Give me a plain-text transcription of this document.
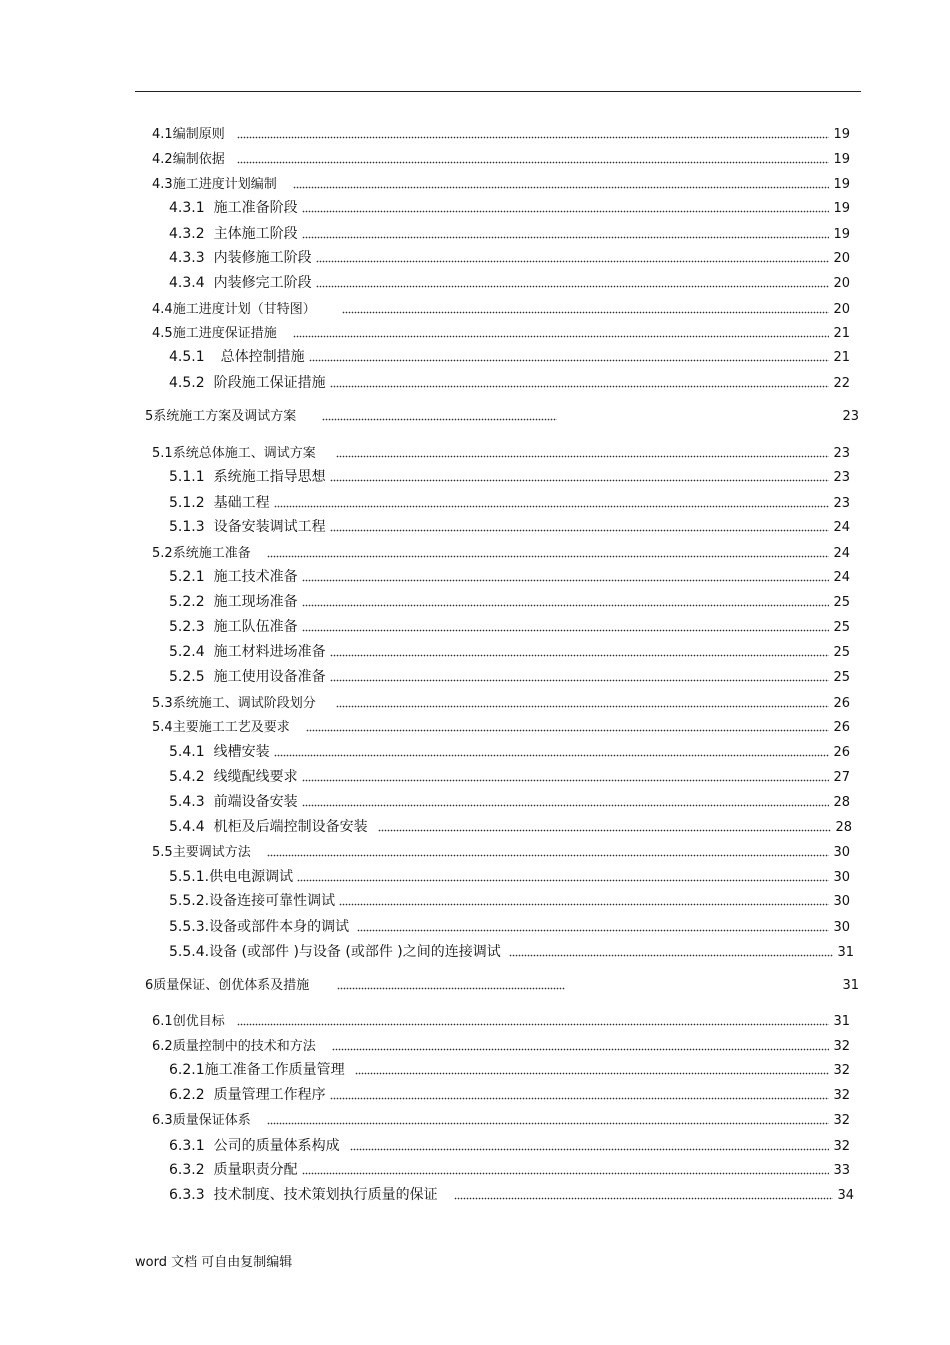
4.1 编制原则	19
4.2 编制依据	19
4.3 施工进度计划编制	19
4.3.1 施工准备阶段	19
4.3.2 主体施工阶段	19
4.3.3 内装修施工阶段	20
4.3.4 内装修完工阶段	20
4.4 施工进度计划（甘特图）	20
4.5 施工进度保证措施	21
4.5.1 总体控制措施	21
4.5.2 阶段施工保证措施	22
5 系统施工方案及调试方案	23
5.1 系统总体施工、调试方案	23
5.1.1 系统施工指导思想	23
5.1.2 基础工程	23
5.1.3 设备安装调试工程	24
5.2 系统施工准备	24
5.2.1 施工技术准备	24
5.2.2 施工现场准备	25
5.2.3 施工队伍准备	25
5.2.4 施工材料进场准备	25
5.2.5 施工使用设备准备	25
5.3 系统施工、调试阶段划分	26
5.4 主要施工工艺及要求	26
5.4.1 线槽安装	26
5.4.2 线缆配线要求	27
5.4.3 前端设备安装	28
5.4.4 机柜及后端控制设备安装	28
5.5 主要调试方法	30
5.5.1. 供电电源调试	30
5.5.2. 设备连接可靠性调试	30
5.5.3. 设备或部件本身的调试	30
5.5.4. 设备 (或部件 )与设备 (或部件 )之间的连接调试	31
6 质量保证、创优体系及措施	31
6.1 创优目标	31
6.2 质量控制中的技术和方法	32
6.2.1 施工准备工作质量管理	32
6.2.2 质量管理工作程序	32
6.3 质量保证体系	32
6.3.1 公司的质量体系构成	32
6.3.2 质量职责分配	33
6.3.3 技术制度、技术策划执行质量的保证	34
word 文档 可自由复制编辑
